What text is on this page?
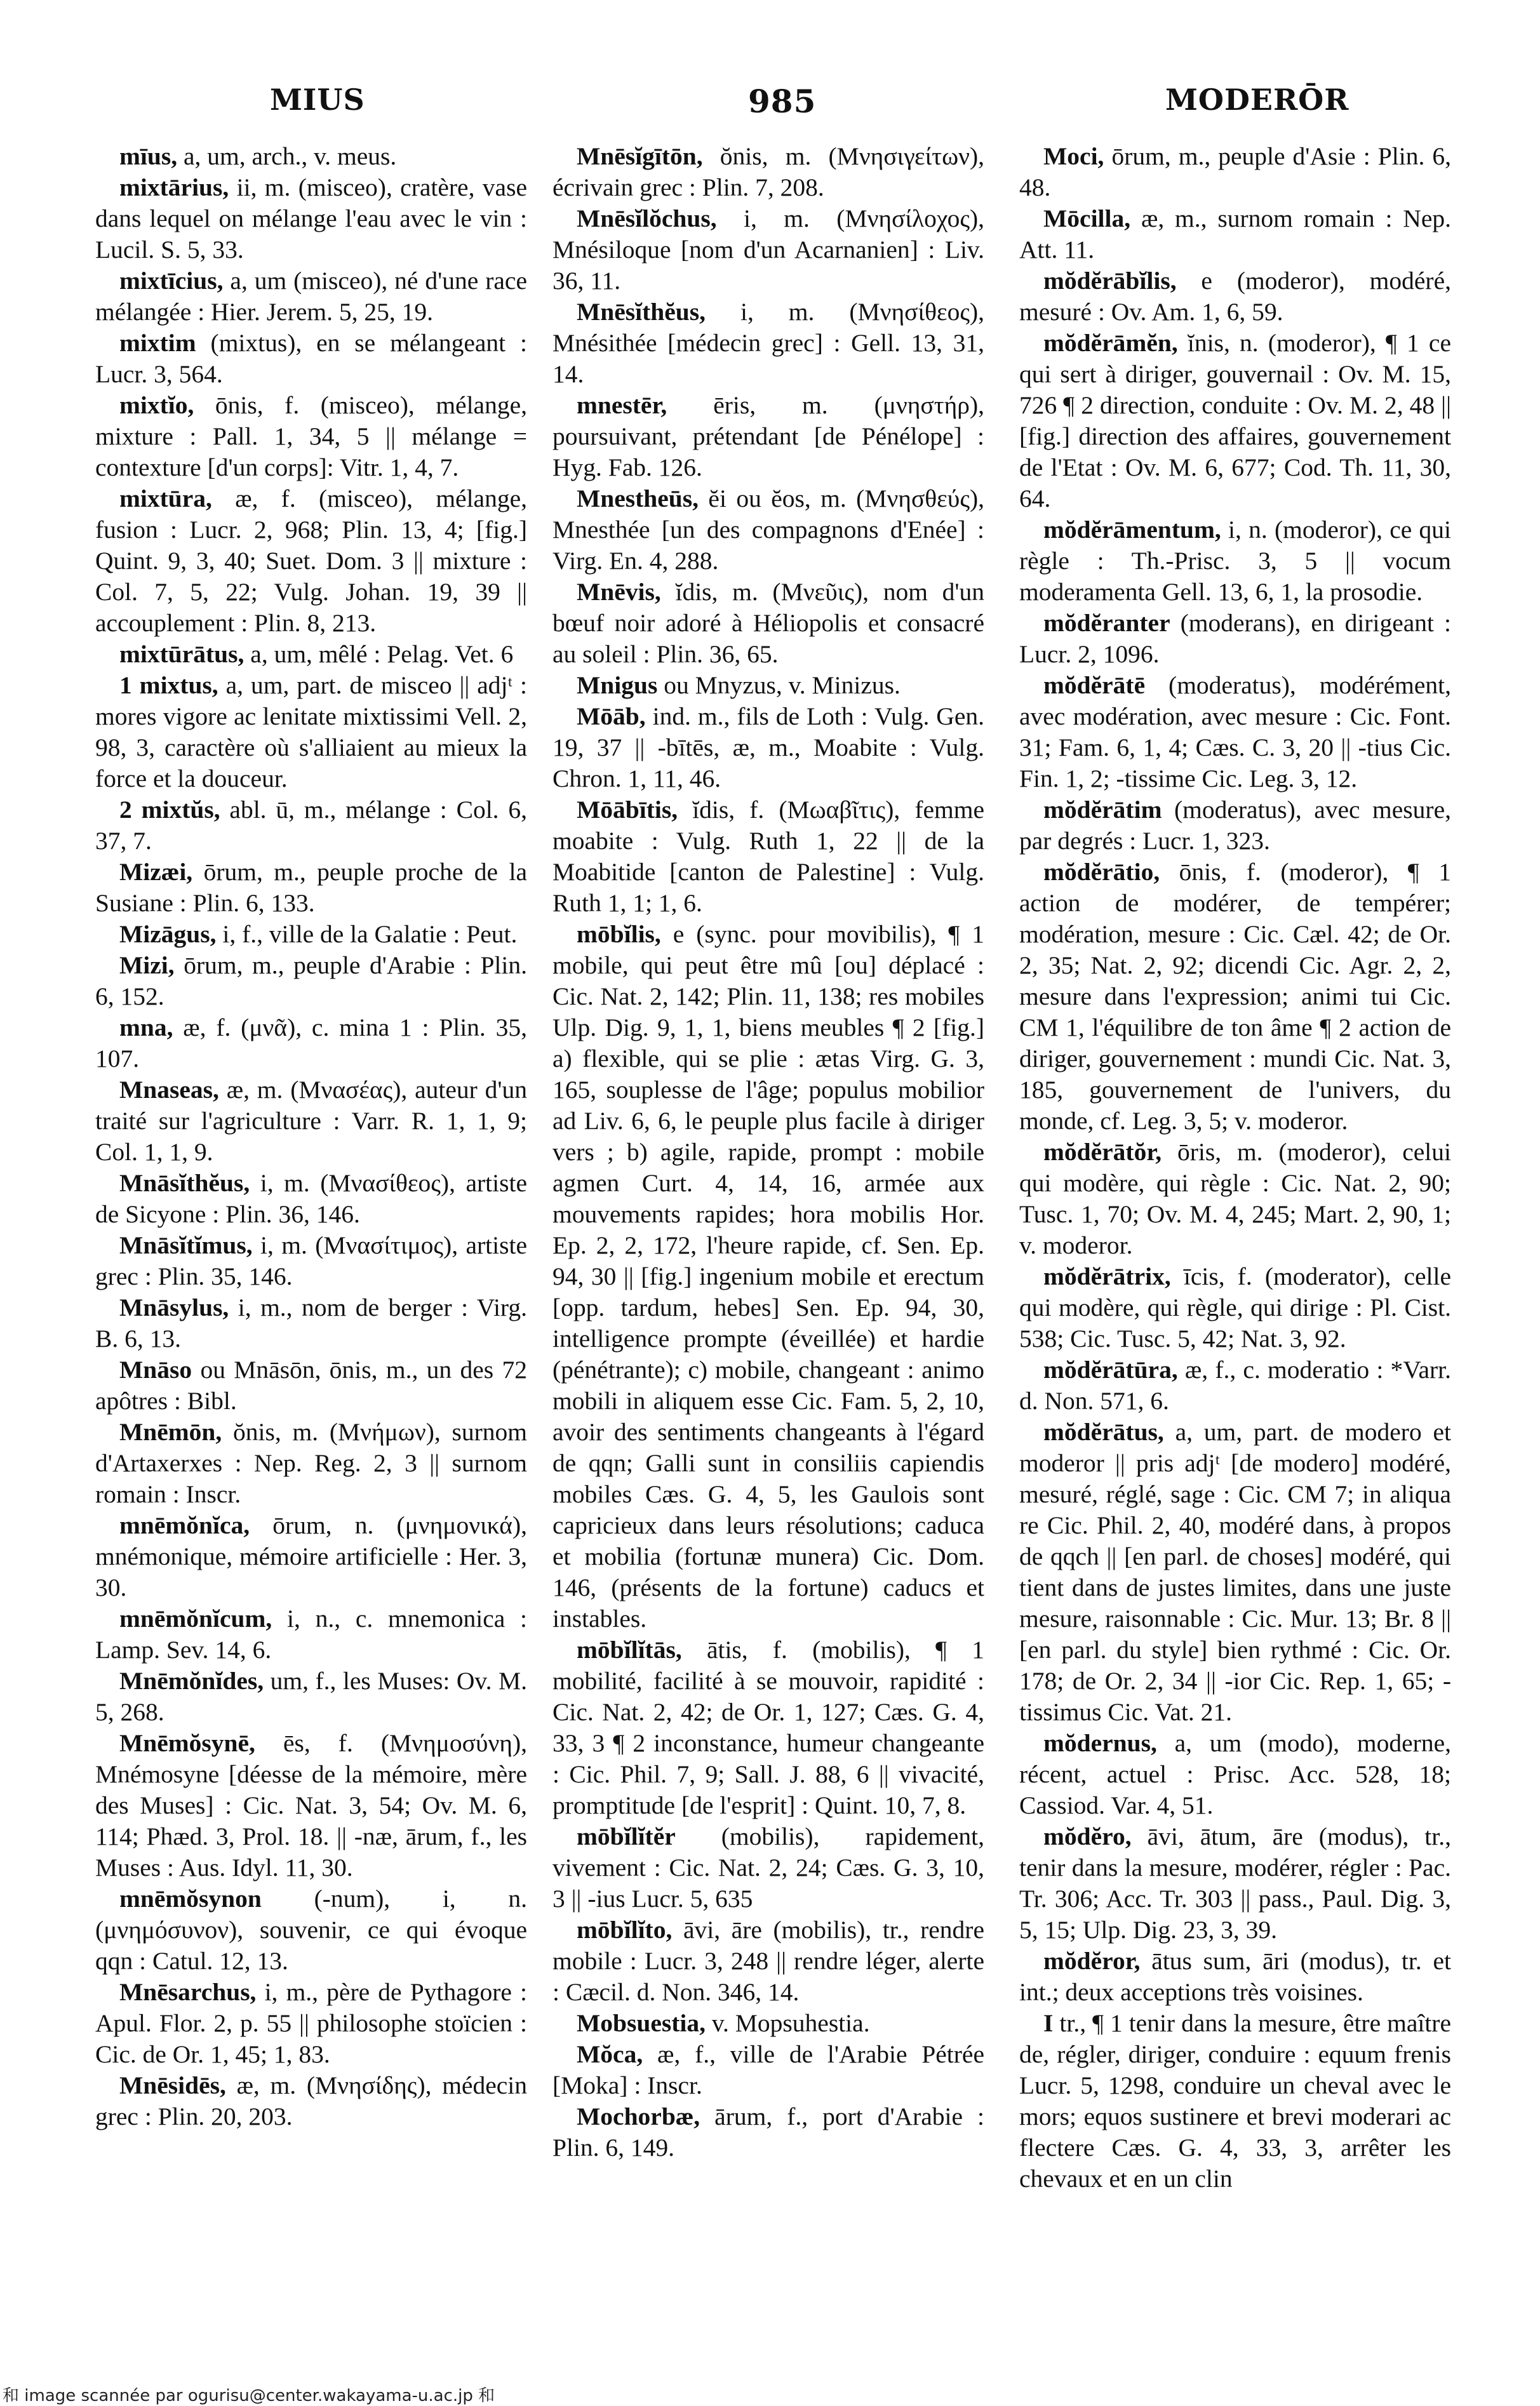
MIUS	985	MODERŌR

mīus, a, um, arch., v. meus.

mixtārius, ii, m. (misceo), cratère, vase dans lequel on mélange l'eau avec le vin : Lucil. S. 5, 33.

mixtīcius, a, um (misceo), né d'une race mélangée : Hier. Jerem. 5, 25, 19.

mixtim (mixtus), en se mélangeant : Lucr. 3, 564.

mixtĭo, ōnis, f. (misceo), mélange, mixture : Pall. 1, 34, 5 || mélange = contexture [d'un corps]: Vitr. 1, 4, 7.

mixtūra, æ, f. (misceo), mélange, fusion : Lucr. 2, 968; Plin. 13, 4; [fig.] Quint. 9, 3, 40; Suet. Dom. 3 || mixture : Col. 7, 5, 22; Vulg. Johan. 19, 39 || accouplement : Plin. 8, 213.

mixtūrātus, a, um, mêlé : Pelag. Vet. 6

1 mixtus, a, um, part. de misceo || adjᵗ : mores vigore ac lenitate mixtissimi Vell. 2, 98, 3, caractère où s'alliaient au mieux la force et la douceur.

2 mixtŭs, abl. ū, m., mélange : Col. 6, 37, 7.

Mizæi, ōrum, m., peuple proche de la Susiane : Plin. 6, 133.

Mizāgus, i, f., ville de la Galatie : Peut.

Mizi, ōrum, m., peuple d'Arabie : Plin. 6, 152.

mna, æ, f. (μνᾶ), c. mina 1 : Plin. 35, 107.

Mnaseas, æ, m. (Μνασέας), auteur d'un traité sur l'agriculture : Varr. R. 1, 1, 9; Col. 1, 1, 9.

Mnāsĭthĕus, i, m. (Μνασίθεος), artiste de Sicyone : Plin. 36, 146.

Mnāsĭtĭmus, i, m. (Μνασίτιμος), artiste grec : Plin. 35, 146.

Mnāsylus, i, m., nom de berger : Virg. B. 6, 13.

Mnāso ou Mnāsōn, ōnis, m., un des 72 apôtres : Bibl.

Mnēmōn, ŏnis, m. (Μνήμων), surnom d'Artaxerxes : Nep. Reg. 2, 3 || surnom romain : Inscr.

mnēmŏnĭca, ōrum, n. (μνημονικά), mnémonique, mémoire artificielle : Her. 3, 30.

mnēmŏnĭcum, i, n., c. mnemonica : Lamp. Sev. 14, 6.

Mnēmŏnĭdes, um, f., les Muses: Ov. M. 5, 268.

Mnēmŏsynē, ēs, f. (Μνημοσύνη), Mnémosyne [déesse de la mémoire, mère des Muses] : Cic. Nat. 3, 54; Ov. M. 6, 114; Phæd. 3, Prol. 18. || -næ, ārum, f., les Muses : Aus. Idyl. 11, 30.

mnēmŏsynon (-num), i, n. (μνημόσυνον), souvenir, ce qui évoque qqn : Catul. 12, 13.

Mnēsarchus, i, m., père de Pythagore : Apul. Flor. 2, p. 55 || philosophe stoïcien : Cic. de Or. 1, 45; 1, 83.

Mnēsidēs, æ, m. (Μνησίδης), médecin grec : Plin. 20, 203.

Mnēsĭgītōn, ŏnis, m. (Μνησιγείτων), écrivain grec : Plin. 7, 208.

Mnēsĭlŏchus, i, m. (Μνησίλοχος), Mnésiloque [nom d'un Acarnanien] : Liv. 36, 11.

Mnēsĭthĕus, i, m. (Μνησίθεος), Mnésithée [médecin grec] : Gell. 13, 31, 14.

mnestēr, ēris, m. (μνηστήρ), poursuivant, prétendant [de Pénélope] : Hyg. Fab. 126.

Mnestheūs, ĕi ou ĕos, m. (Μνησθεύς), Mnesthée [un des compagnons d'Enée] : Virg. En. 4, 288.

Mnēvis, ĭdis, m. (Μνεῦις), nom d'un bœuf noir adoré à Héliopolis et consacré au soleil : Plin. 36, 65.

Mnigus ou Mnyzus, v. Minizus.

Mōāb, ind. m., fils de Loth : Vulg. Gen. 19, 37 || -bītēs, æ, m., Moabite : Vulg. Chron. 1, 11, 46.

Mōābītis, ĭdis, f. (Μωαβῖτις), femme moabite : Vulg. Ruth 1, 22 || de la Moabitide [canton de Palestine] : Vulg. Ruth 1, 1; 1, 6.

mōbĭlis, e (sync. pour movibilis), ¶ 1 mobile, qui peut être mû [ou] déplacé : Cic. Nat. 2, 142; Plin. 11, 138; res mobiles Ulp. Dig. 9, 1, 1, biens meubles ¶ 2 [fig.] a) flexible, qui se plie : ætas Virg. G. 3, 165, souplesse de l'âge; populus mobilior ad Liv. 6, 6, le peuple plus facile à diriger vers ; b) agile, rapide, prompt : mobile agmen Curt. 4, 14, 16, armée aux mouvements rapides; hora mobilis Hor. Ep. 2, 2, 172, l'heure rapide, cf. Sen. Ep. 94, 30 || [fig.] ingenium mobile et erectum [opp. tardum, hebes] Sen. Ep. 94, 30, intelligence prompte (éveillée) et hardie (pénétrante); c) mobile, changeant : animo mobili in aliquem esse Cic. Fam. 5, 2, 10, avoir des sentiments changeants à l'égard de qqn; Galli sunt in consiliis capiendis mobiles Cæs. G. 4, 5, les Gaulois sont capricieux dans leurs résolutions; caduca et mobilia (fortunæ munera) Cic. Dom. 146, (présents de la fortune) caducs et instables.

mōbĭlĭtās, ātis, f. (mobilis), ¶ 1 mobilité, facilité à se mouvoir, rapidité : Cic. Nat. 2, 42; de Or. 1, 127; Cæs. G. 4, 33, 3 ¶ 2 inconstance, humeur changeante : Cic. Phil. 7, 9; Sall. J. 88, 6 || vivacité, promptitude [de l'esprit] : Quint. 10, 7, 8.

mōbĭlĭtĕr (mobilis), rapidement, vivement : Cic. Nat. 2, 24; Cæs. G. 3, 10, 3 || -ius Lucr. 5, 635

mōbĭlĭto, āvi, āre (mobilis), tr., rendre mobile : Lucr. 3, 248 || rendre léger, alerte : Cæcil. d. Non. 346, 14.

Mobsuestia, v. Mopsuhestia.

Mŏca, æ, f., ville de l'Arabie Pétrée [Moka] : Inscr.

Mochorbæ, ārum, f., port d'Arabie : Plin. 6, 149.

Moci, ōrum, m., peuple d'Asie : Plin. 6, 48.

Mōcilla, æ, m., surnom romain : Nep. Att. 11.

mŏdĕrābĭlis, e (moderor), modéré, mesuré : Ov. Am. 1, 6, 59.

mŏdĕrāmĕn, ĭnis, n. (moderor), ¶ 1 ce qui sert à diriger, gouvernail : Ov. M. 15, 726 ¶ 2 direction, conduite : Ov. M. 2, 48 || [fig.] direction des affaires, gouvernement de l'Etat : Ov. M. 6, 677; Cod. Th. 11, 30, 64.

mŏdĕrāmentum, i, n. (moderor), ce qui règle : Th.-Prisc. 3, 5 || vocum moderamenta Gell. 13, 6, 1, la prosodie.

mŏdĕranter (moderans), en dirigeant : Lucr. 2, 1096.

mŏdĕrātē (moderatus), modérément, avec modération, avec mesure : Cic. Font. 31; Fam. 6, 1, 4; Cæs. C. 3, 20 || -tius Cic. Fin. 1, 2; -tissime Cic. Leg. 3, 12.

mŏdĕrātim (moderatus), avec mesure, par degrés : Lucr. 1, 323.

mŏdĕrātio, ōnis, f. (moderor), ¶ 1 action de modérer, de tempérer; modération, mesure : Cic. Cæl. 42; de Or. 2, 35; Nat. 2, 92; dicendi Cic. Agr. 2, 2, mesure dans l'expression; animi tui Cic. CM 1, l'équilibre de ton âme ¶ 2 action de diriger, gouvernement : mundi Cic. Nat. 3, 185, gouvernement de l'univers, du monde, cf. Leg. 3, 5; v. moderor.

mŏdĕrātŏr, ōris, m. (moderor), celui qui modère, qui règle : Cic. Nat. 2, 90; Tusc. 1, 70; Ov. M. 4, 245; Mart. 2, 90, 1; v. moderor.

mŏdĕrātrix, īcis, f. (moderator), celle qui modère, qui règle, qui dirige : Pl. Cist. 538; Cic. Tusc. 5, 42; Nat. 3, 92.

mŏdĕrātūra, æ, f., c. moderatio : *Varr. d. Non. 571, 6.

mŏdĕrātus, a, um, part. de modero et moderor || pris adjᵗ [de modero] modéré, mesuré, réglé, sage : Cic. CM 7; in aliqua re Cic. Phil. 2, 40, modéré dans, à propos de qqch || [en parl. de choses] modéré, qui tient dans de justes limites, dans une juste mesure, raisonnable : Cic. Mur. 13; Br. 8 || [en parl. du style] bien rythmé : Cic. Or. 178; de Or. 2, 34 || -ior Cic. Rep. 1, 65; -tissimus Cic. Vat. 21.

mŏdernus, a, um (modo), moderne, récent, actuel : Prisc. Acc. 528, 18; Cassiod. Var. 4, 51.

mŏdĕro, āvi, ātum, āre (modus), tr., tenir dans la mesure, modérer, régler : Pac. Tr. 306; Acc. Tr. 303 || pass., Paul. Dig. 3, 5, 15; Ulp. Dig. 23, 3, 39.

mŏdĕror, ātus sum, āri (modus), tr. et int.; deux acceptions très voisines.

I tr., ¶ 1 tenir dans la mesure, être maître de, régler, diriger, conduire : equum frenis Lucr. 5, 1298, conduire un cheval avec le mors; equos sustinere et brevi moderari ac flectere Cæs. G. 4, 33, 3, arrêter les chevaux et en un clin

和 image scannée par ogurisu@center.wakayama-u.ac.jp 和
